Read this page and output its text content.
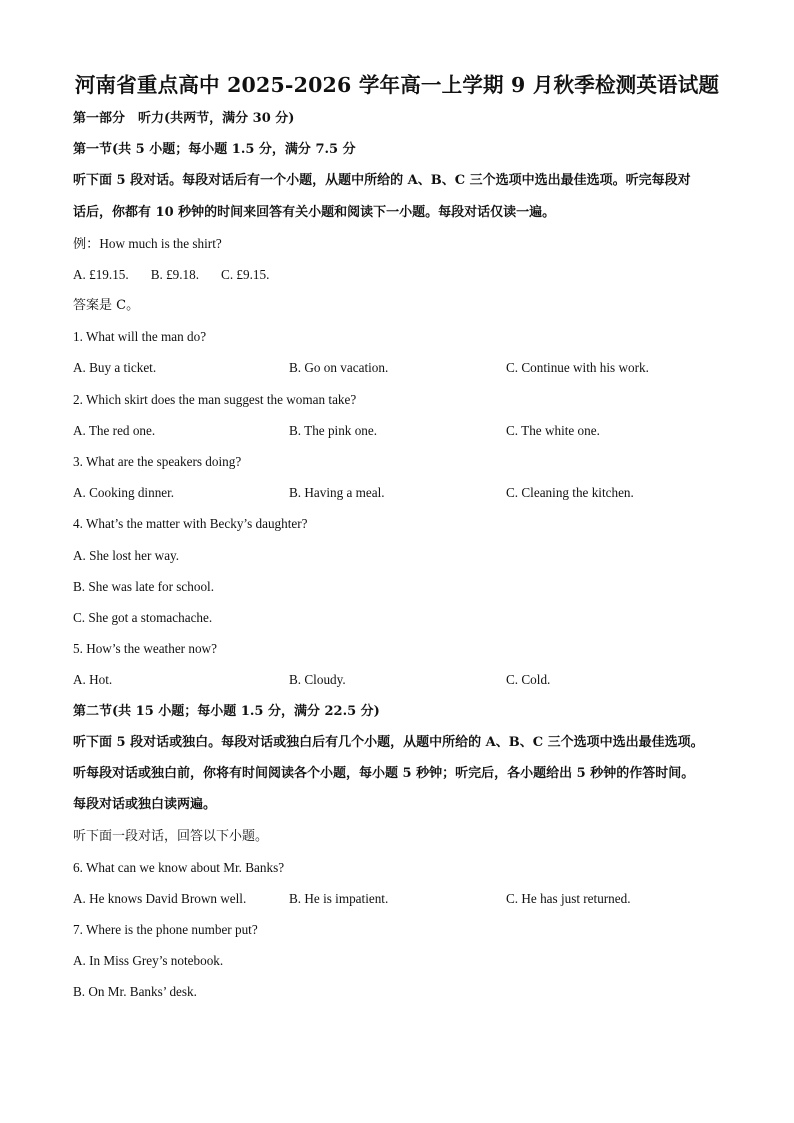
河南省重点高中 2025-2026 学年高一上学期 9 月秋季检测英语试题
第一部分　听力(共两节，满分 30 分)
第一节(共 5 小题；每小题 1.5 分，满分 7.5 分
听下面 5 段对话。每段对话后有一个小题，从题中所给的 A、B、C 三个选项中选出最佳选项。听完每段对
话后，你都有 10 秒钟的时间来回答有关小题和阅读下一小题。每段对话仅读一遍。
例：How much is the shirt?
A. £19.15. B. £9.18. C. £9.15.
答案是 C。
1. What will the man do?
A. Buy a ticket.	B. Go on vacation.	C. Continue with his work.
2. Which skirt does the man suggest the woman take?
A. The red one.	B. The pink one.	C. The white one.
3. What are the speakers doing?
A. Cooking dinner.	B. Having a meal.	C. Cleaning the kitchen.
4. What’s the matter with Becky’s daughter?
A. She lost her way.
B. She was late for school.
C. She got a stomachache.
5. How’s the weather now?
A. Hot.	B. Cloudy.	C. Cold.
第二节(共 15 小题；每小题 1.5 分，满分 22.5 分)
听下面 5 段对话或独白。每段对话或独白后有几个小题，从题中所给的 A、B、C 三个选项中选出最佳选项。
听每段对话或独白前，你将有时间阅读各个小题，每小题 5 秒钟；听完后，各小题给出 5 秒钟的作答时间。
每段对话或独白读两遍。
听下面一段对话，回答以下小题。
6. What can we know about Mr. Banks?
A. He knows David Brown well.	B. He is impatient.	C. He has just returned.
7. Where is the phone number put?
A. In Miss Grey’s notebook.
B. On Mr. Banks’ desk.
